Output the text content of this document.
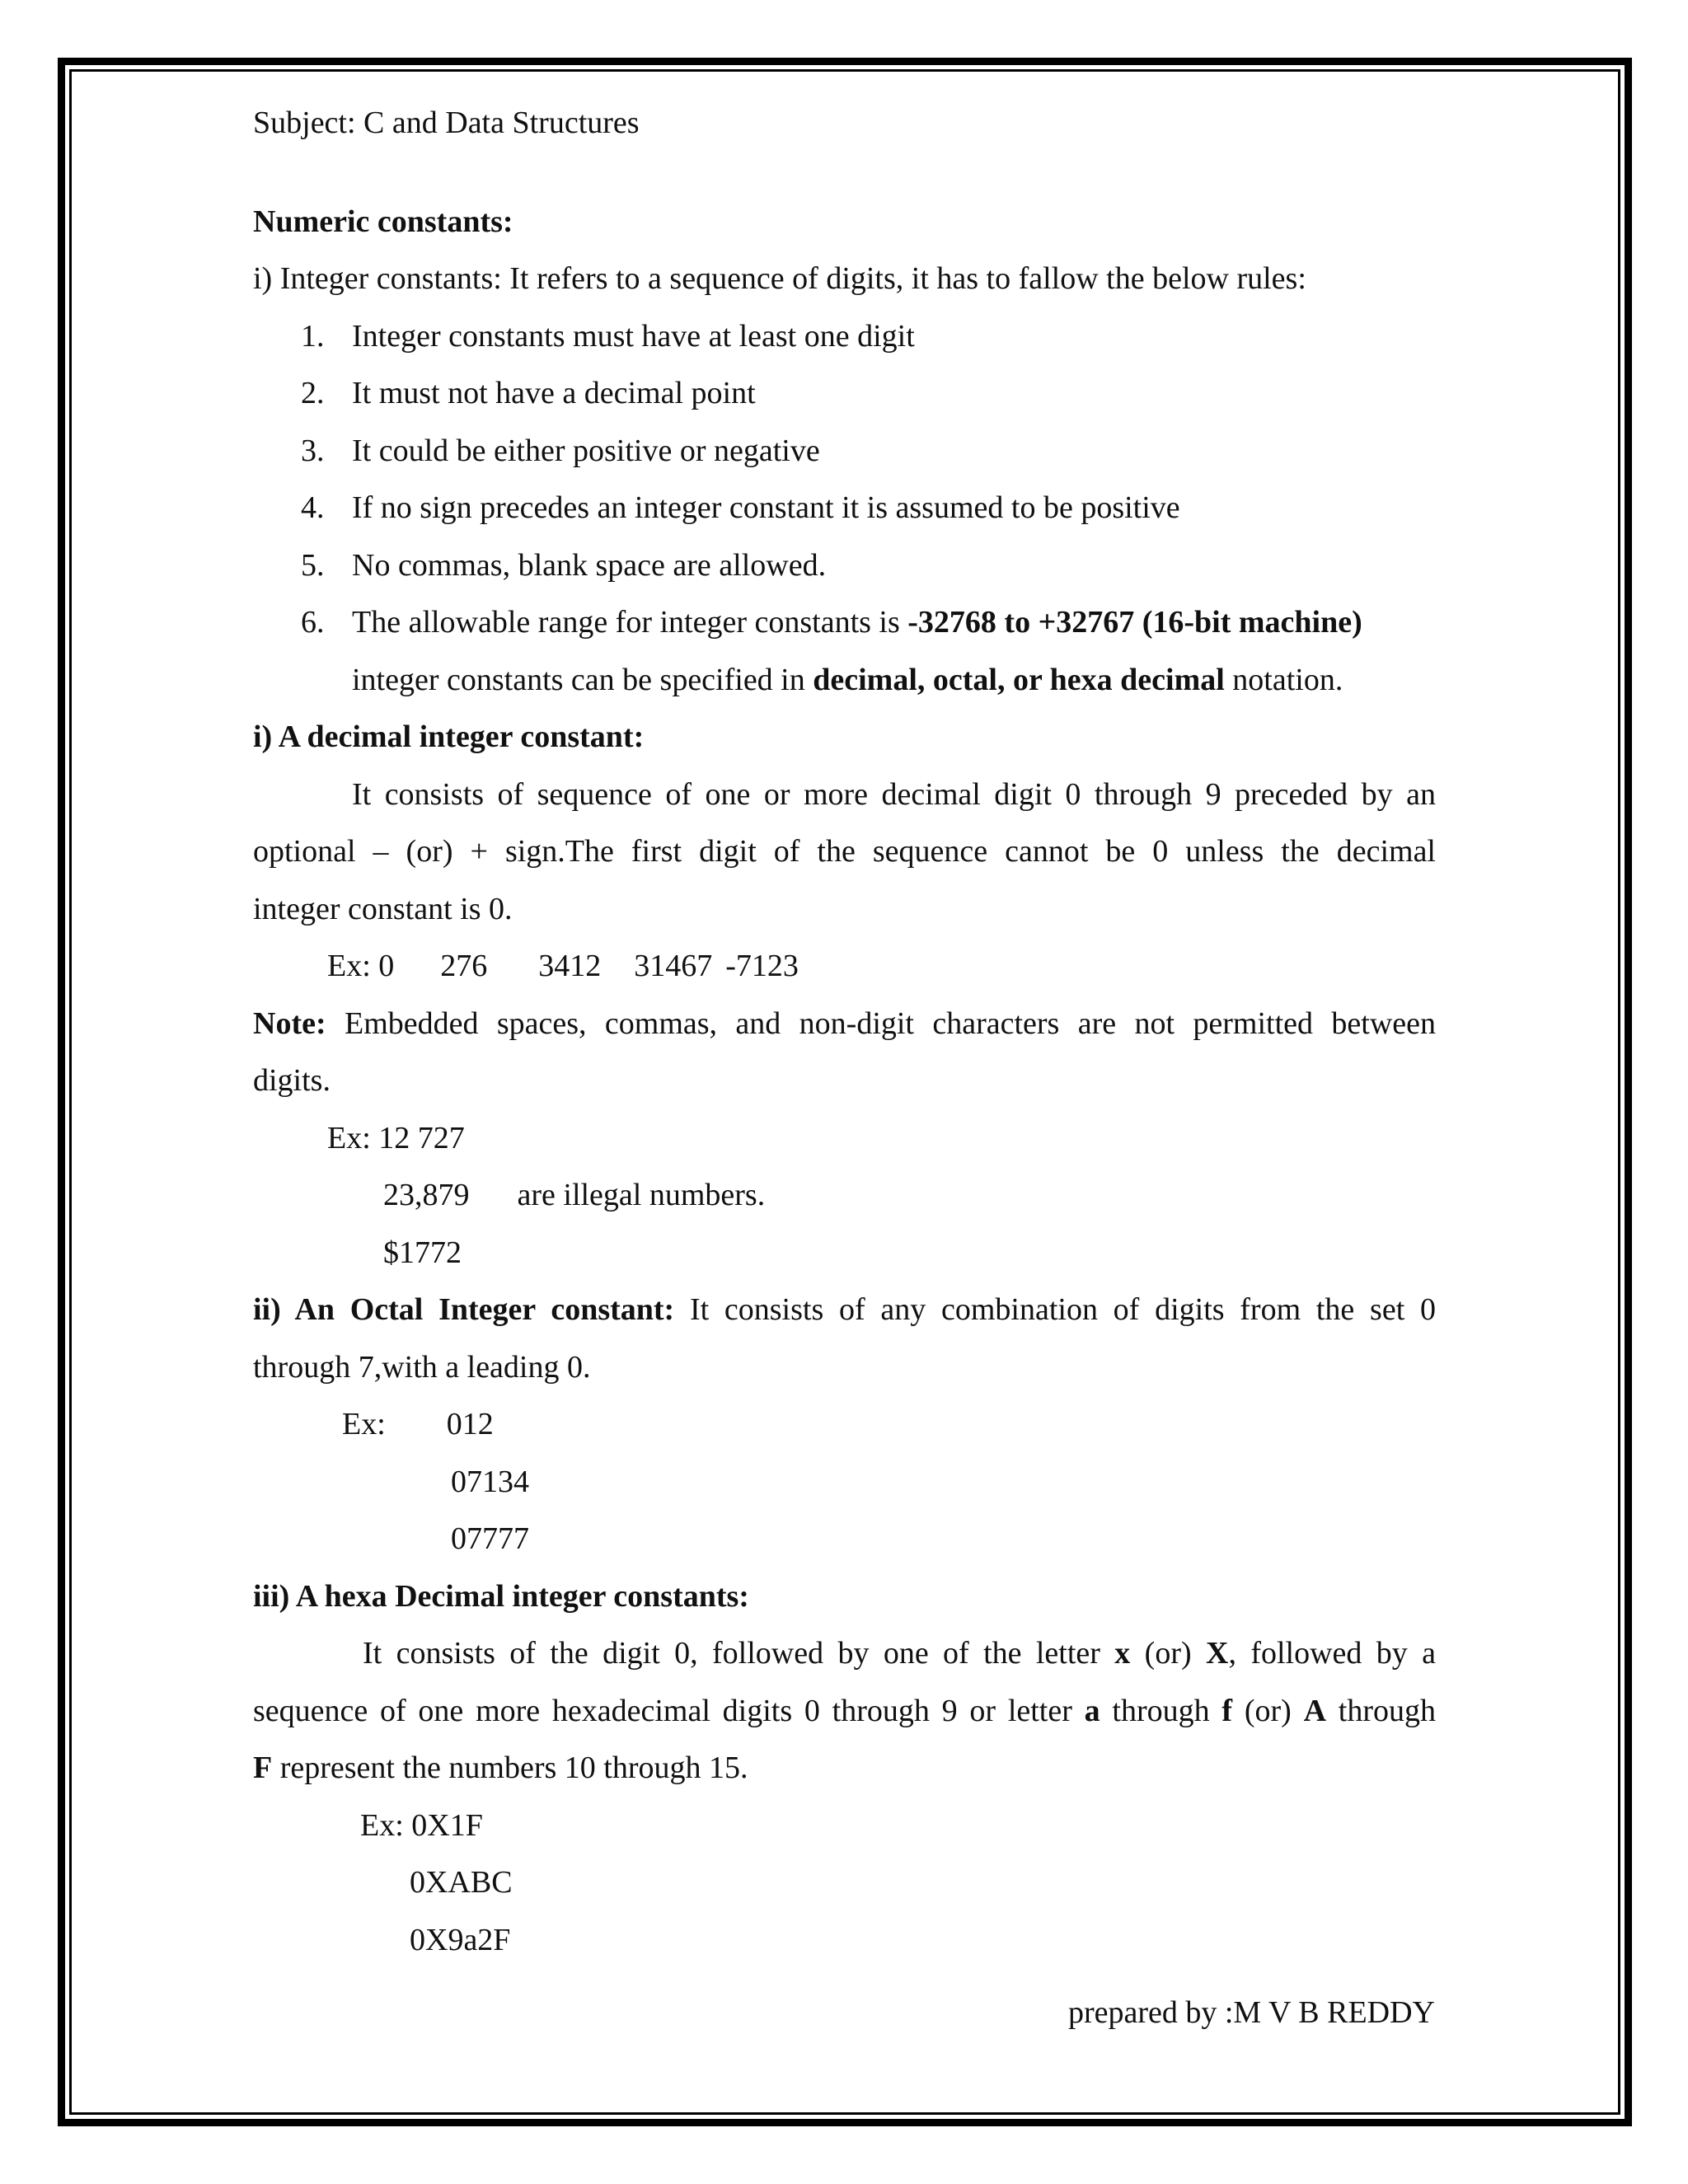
Subject: C and Data Structures
Numeric constants:
i) Integer constants: It refers to a sequence of digits, it has to fallow the below rules:
1. Integer constants must have at least one digit
2. It must not have a decimal point
3. It could be either positive or negative
4. If no sign precedes an integer constant it is assumed to be positive
5. No commas, blank space are allowed.
6. The allowable range for integer constants is -32768 to +32767 (16-bit machine)
integer constants can be specified in decimal, octal, or hexa decimal notation.
i) A decimal integer constant:
It consists of sequence of one or more decimal digit 0 through 9 preceded by an
optional – (or) + sign.The first digit of the sequence cannot be 0 unless the decimal
integer constant is 0.
Ex: 0 276 3412 31467 -7123
Note: Embedded spaces, commas, and non-digit characters are not permitted between
digits.
Ex: 12 727
23,879 are illegal numbers.
$1772
ii) An Octal Integer constant: It consists of any combination of digits from the set 0
through 7,with a leading 0.
Ex: 012
07134
07777
iii) A hexa Decimal integer constants:
It consists of the digit 0, followed by one of the letter x (or) X, followed by a
sequence of one more hexadecimal digits 0 through 9 or letter a through f (or) A through
F represent the numbers 10 through 15.
Ex: 0X1F
0XABC
0X9a2F
prepared by :M V B REDDY
